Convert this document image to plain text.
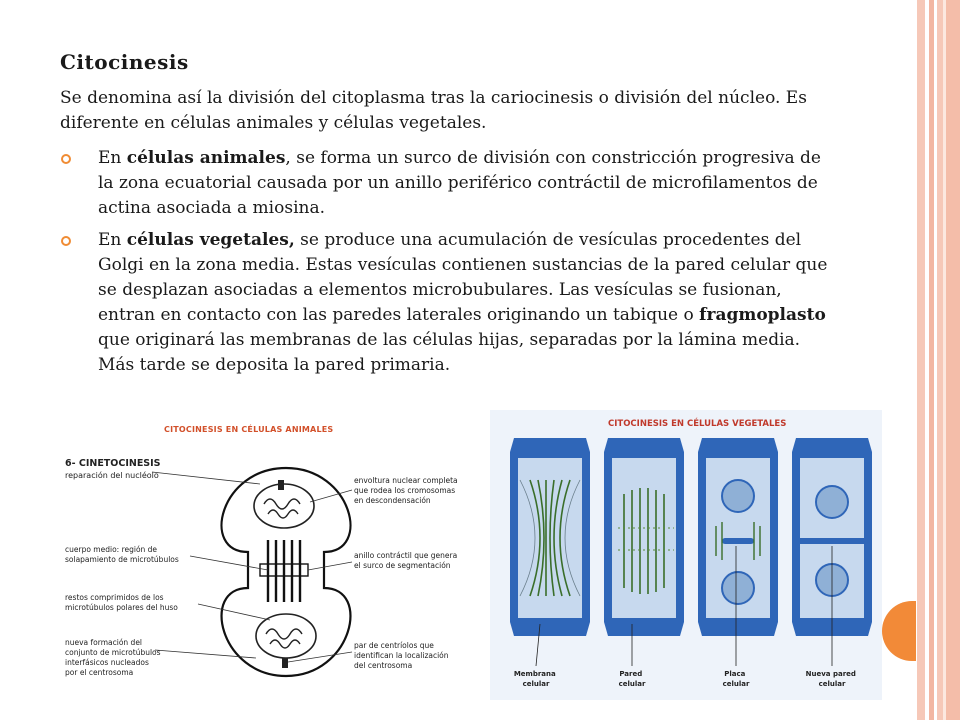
Citocinesis

Se denomina así la división del citoplasma tras la cariocinesis o división del núcleo. Es diferente en células animales y células vegetales.

En células animales, se forma un surco de división con constricción progresiva de la zona ecuatorial causada por un anillo periférico contráctil de microfilamentos de actina asociada a miosina.
En células vegetales, se produce una acumulación de vesículas procedentes del Golgi en la zona media. Estas vesículas contienen sustancias de la pared celular que se desplazan asociadas a elementos microbubulares. Las vesículas se fusionan, entran en contacto con las paredes laterales originando un tabique o fragmoplasto que originará las membranas de las células hijas, separadas por la lámina media. Más tarde se deposita la pared primaria.
CITOCINESIS EN CÉLULAS ANIMALES
6- CINETOCINESIS
reparación del nucléolo
cuerpo medio: región de solapamiento de microtúbulos
restos comprimidos de los microtúbulos polares del huso
nueva formación del conjunto de microtúbulos interfásicos nucleados por el centrosoma
envoltura nuclear completa que rodea los cromosomas en descondensación
anillo contráctil que genera el surco de segmentación
par de centríolos que identifican la localización del centrosoma
CITOCINESIS EN CÉLULAS VEGETALES
Membrana celular
Pared celular
Placa celular
Nueva pared celular
